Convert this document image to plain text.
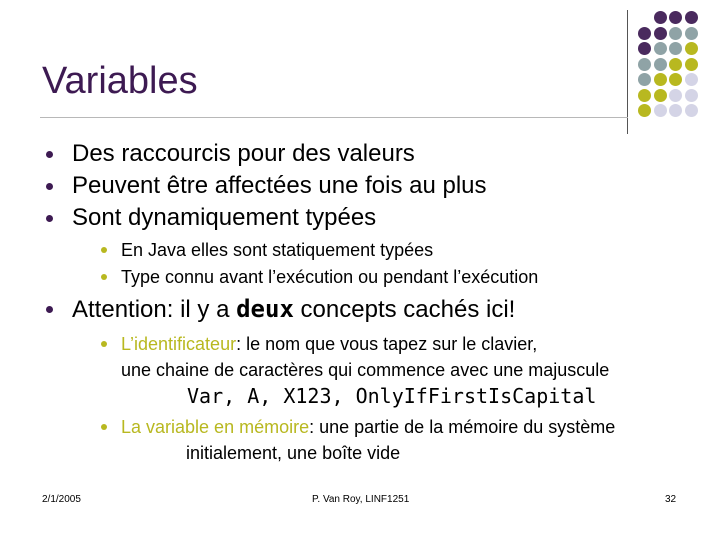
Variables
Des raccourcis pour des valeurs
Peuvent être affectées une fois au plus
Sont dynamiquement typées
En Java elles sont statiquement typées
Type connu avant l’exécution ou pendant l’exécution
Attention: il y a deux concepts cachés ici!
L’identificateur: le nom que vous tapez sur le clavier,
une chaine de caractères qui commence avec une majuscule
Var, A, X123, OnlyIfFirstIsCapital
La variable en mémoire: une partie de la mémoire du système
initialement, une boîte vide
2/1/2005	P. Van Roy, LINF1251	32
